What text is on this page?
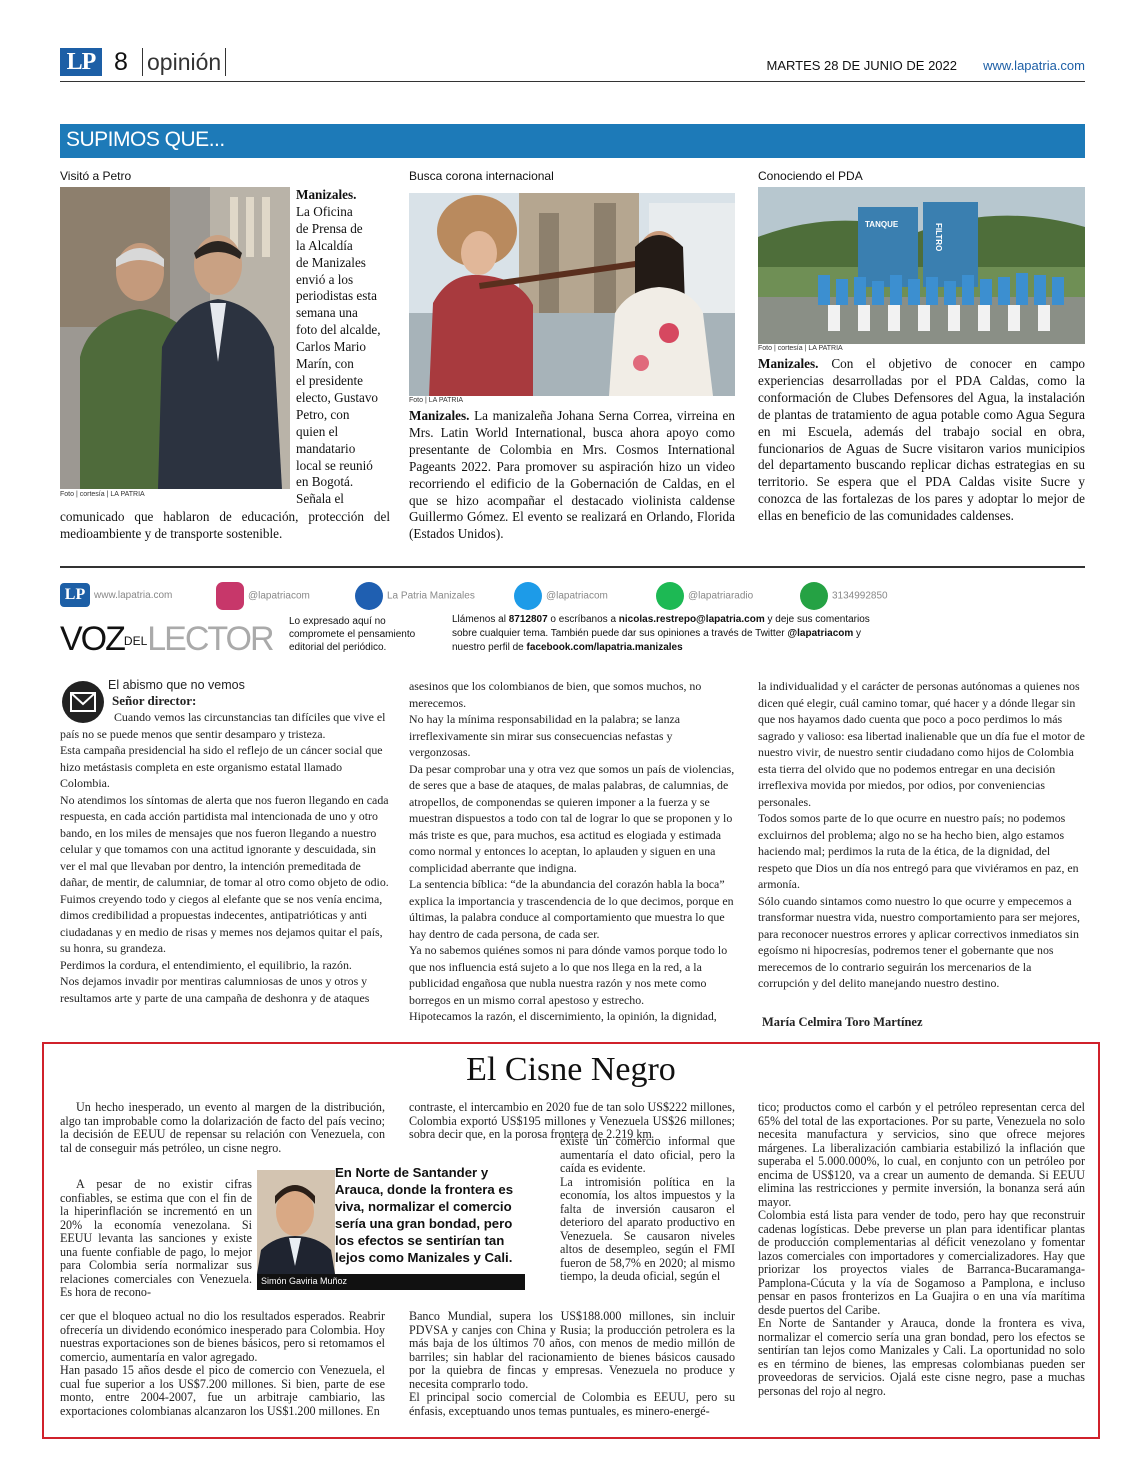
LP 8 opinión	MARTES 28 DE JUNIO DE 2022 www.lapatria.com
SUPIMOS QUE...
Visitó a Petro
Foto | cortesía | LA PATRIA
Manizales.
La Oficina
de Prensa de
la Alcaldía
de Manizales
envió a los
periodistas esta
semana una
foto del alcalde,
Carlos Mario
Marín, con
el presidente
electo, Gustavo
Petro, con
quien el
mandatario
local se reunió
en Bogotá.
Señala el
comunicado que hablaron de educación, protección del medioambiente y de transporte sostenible.
Busca corona internacional
Foto | LA PATRIA
Manizales. La manizaleña Johana Serna Correa, virreina en Mrs. Latin World International, busca ahora apoyo como presentante de Colombia en Mrs. Cosmos International Pageants 2022. Para promover su aspiración hizo un video recorriendo el edificio de la Gobernación de Caldas, en el que se hizo acompañar el destacado violinista caldense Guillermo Gómez. El evento se realizará en Orlando, Florida (Estados Unidos).
Conociendo el PDA
TANQUE	FILTRO
Foto | cortesía | LA PATRIA
Manizales. Con el objetivo de conocer en campo experiencias desarrolladas por el PDA Caldas, como la conformación de Clubes Defensores del Agua, la instalación de plantas de tratamiento de agua potable como Agua Segura en mi Escuela, además del trabajo social en obra, funcionarios de Aguas de Sucre visitaron varios municipios del departamento buscando replicar dichas estrategias en su territorio. Se espera que el PDA Caldas visite Sucre y conozca de las fortalezas de los pares y adoptar lo mejor de ellas en beneficio de las comunidades caldenses.
LP www.lapatria.com	@lapatriacom	La Patria Manizales	@lapatriacom	@lapatriaradio	3134992850
VOZDELLECTOR Lo expresado aquí no compromete el pensamiento editorial del periódico.
Llámenos al 8712807 o escríbanos a nicolas.restrepo@lapatria.com y deje sus comentarios sobre cualquier tema. También puede dar sus opiniones a través de Twitter @lapatriacom y nuestro perfil de facebook.com/lapatria.manizales
El abismo que no vemos
Señor director:
Cuando vemos las circunstancias tan difíciles que vive el país no se puede menos que sentir desamparo y tristeza.
Esta campaña presidencial ha sido el reflejo de un cáncer social que hizo metástasis completa en este organismo estatal llamado Colombia.
No atendimos los síntomas de alerta que nos fueron llegando en cada respuesta, en cada acción partidista mal intencionada de uno y otro bando, en los miles de mensajes que nos fueron llegando a nuestro celular y que tomamos con una actitud ignorante y descuidada, sin ver el mal que llevaban por dentro, la intención premeditada de dañar, de mentir, de calumniar, de tomar al otro como objeto de odio. Fuimos creyendo todo y ciegos al elefante que se nos venía encima, dimos credibilidad a propuestas indecentes, antipatrióticas y anti ciudadanas y en medio de risas y memes nos dejamos quitar el país, su honra, su grandeza.
Perdimos la cordura, el entendimiento, el equilibrio, la razón.
Nos dejamos invadir por mentiras calumniosas de unos y otros y resultamos arte y parte de una campaña de deshonra y de ataques
asesinos que los colombianos de bien, que somos muchos, no merecemos.
No hay la mínima responsabilidad en la palabra; se lanza irreflexivamente sin mirar sus consecuencias nefastas y vergonzosas.
Da pesar comprobar una y otra vez que somos un país de violencias, de seres que a base de ataques, de malas palabras, de calumnias, de atropellos, de componendas se quieren imponer a la fuerza y se muestran dispuestos a todo con tal de lograr lo que se proponen y lo más triste es que, para muchos, esa actitud es elogiada y estimada como normal y entonces lo aceptan, lo aplauden y siguen en una complicidad aberrante que indigna.
La sentencia bíblica: “de la abundancia del corazón habla la boca” explica la importancia y trascendencia de lo que decimos, porque en últimas, la palabra conduce al comportamiento que muestra lo que hay dentro de cada persona, de cada ser.
Ya no sabemos quiénes somos ni para dónde vamos porque todo lo que nos influencia está sujeto a lo que nos llega en la red, a la publicidad engañosa que nubla nuestra razón y nos mete como borregos en un mismo corral apestoso y estrecho.
Hipotecamos la razón, el discernimiento, la opinión, la dignidad,
la individualidad y el carácter de personas autónomas a quienes nos dicen qué elegir, cuál camino tomar, qué hacer y a dónde llegar sin que nos hayamos dado cuenta que poco a poco perdimos lo más sagrado y valioso: esa libertad inalienable que un día fue el motor de nuestro vivir, de nuestro sentir ciudadano como hijos de Colombia esta tierra del olvido que no podemos entregar en una decisión irreflexiva movida por miedos, por odios, por conveniencias personales.
Todos somos parte de lo que ocurre en nuestro país; no podemos excluirnos del problema; algo no se ha hecho bien, algo estamos haciendo mal; perdimos la ruta de la ética, de la dignidad, del respeto que Dios un día nos entregó para que viviéramos en paz, en armonía.
Sólo cuando sintamos como nuestro lo que ocurre y empecemos a transformar nuestra vida, nuestro comportamiento para ser mejores, para reconocer nuestros errores y aplicar correctivos inmediatos sin egoísmo ni hipocresías, podremos tener el gobernante que nos merecemos de lo contrario seguirán los mercenarios de la corrupción y del delito manejando nuestro destino.
María Celmira Toro Martínez
El Cisne Negro
Un hecho inesperado, un evento al margen de la distribución, algo tan improbable como la dolarización de facto del país vecino; la decisión de EEUU de repensar su relación con Venezuela, con tal de conseguir más petróleo, un cisne negro.
A pesar de no existir cifras confiables, se estima que con el fin de la hiperinflación se incrementó en un 20% la economía venezolana. Si EEUU levanta las sanciones y existe una fuente confiable de pago, lo mejor para Colombia sería normalizar sus relaciones comerciales con Venezuela. Es hora de recono-
cer que el bloqueo actual no dio los resultados esperados. Reabrir ofrecería un dividendo económico inesperado para Colombia. Hoy nuestras exportaciones son de bienes básicos, pero si retomamos el comercio, aumentaría en valor agregado.
Han pasado 15 años desde el pico de comercio con Venezuela, el cual fue superior a los US$7.200 millones. Si bien, parte de ese monto, entre 2004-2007, fue un arbitraje cambiario, las exportaciones colombianas alcanzaron los US$1.200 millones. En
En Norte de Santander y Arauca, donde la frontera es viva, normalizar el comercio sería una gran bondad, pero los efectos se sentirían tan lejos como Manizales y Cali.
Simón Gaviria Muñoz
contraste, el intercambio en 2020 fue de tan solo US$222 millones, Colombia exportó US$195 millones y Venezuela US$26 millones; sobra decir que, en la porosa frontera de 2.219 km
existe un comercio informal que aumentaría el dato oficial, pero la caída es evidente.
La intromisión política en la economía, los altos impuestos y la falta de inversión causaron el deterioro del aparato productivo en Venezuela. Se causaron niveles altos de desempleo, según el FMI fueron de 58,7% en 2020; al mismo tiempo, la deuda oficial, según el
Banco Mundial, supera los US$188.000 millones, sin incluir PDVSA y canjes con China y Rusia; la producción petrolera es la más baja de los últimos 70 años, con menos de medio millón de barriles; sin hablar del racionamiento de bienes básicos causado por la quiebra de fincas y empresas. Venezuela no produce y necesita comprarlo todo.
El principal socio comercial de Colombia es EEUU, pero su énfasis, exceptuando unos temas puntuales, es minero-energé-
tico; productos como el carbón y el petróleo representan cerca del 65% del total de las exportaciones. Por su parte, Venezuela no solo necesita manufactura y servicios, sino que ofrece mejores márgenes. La liberalización cambiaria estabilizó la inflación que superaba el 5.000.000%, lo cual, en conjunto con un petróleo por encima de US$120, va a crear un aumento de demanda. Si EEUU elimina las restricciones y permite inversión, la bonanza será aún mayor.
Colombia está lista para vender de todo, pero hay que reconstruir cadenas logísticas. Debe preverse un plan para identificar plantas de producción complementarias al déficit venezolano y fomentar lazos comerciales con importadores y comercializadores. Hay que priorizar los proyectos viales de Barranca-Bucaramanga-Pamplona-Cúcuta y la vía de Sogamoso a Pamplona, e incluso pensar en pasos fronterizos en La Guajira o en una vía marítima desde puertos del Caribe.
En Norte de Santander y Arauca, donde la frontera es viva, normalizar el comercio sería una gran bondad, pero los efectos se sentirían tan lejos como Manizales y Cali. La oportunidad no solo es en término de bienes, las empresas colombianas pueden ser proveedoras de servicios. Ojalá este cisne negro, pase a muchas personas del rojo al negro.
